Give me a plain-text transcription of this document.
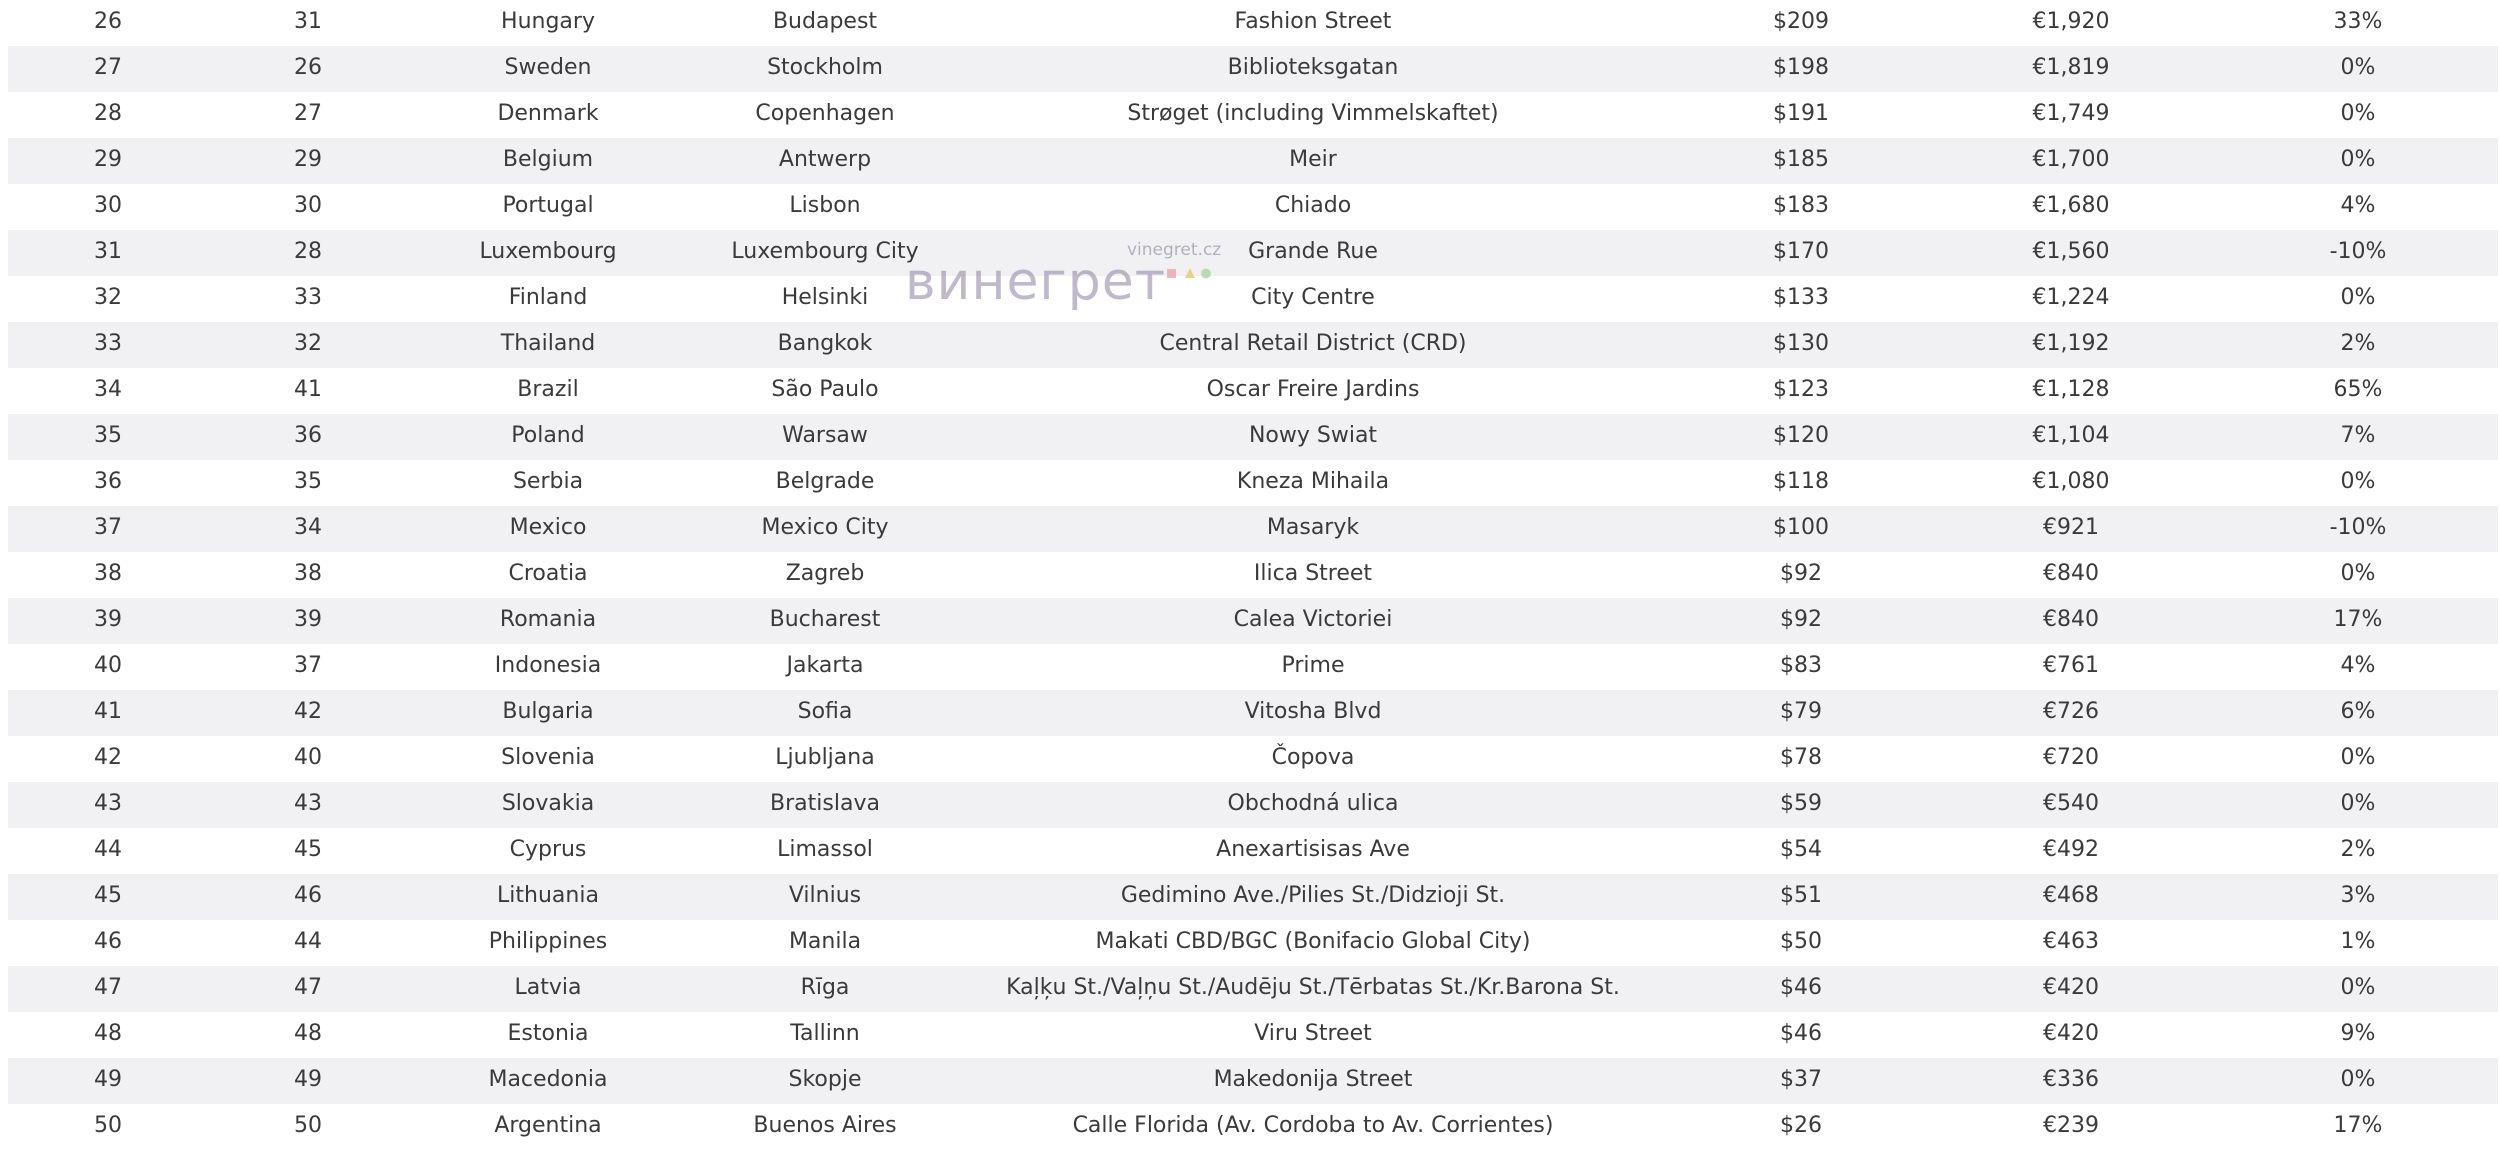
26	31	Hungary	Budapest	Fashion Street	$209	€1,920	33%
27	26	Sweden	Stockholm	Biblioteksgatan	$198	€1,819	0%
28	27	Denmark	Copenhagen	Strøget (including Vimmelskaftet)	$191	€1,749	0%
29	29	Belgium	Antwerp	Meir	$185	€1,700	0%
30	30	Portugal	Lisbon	Chiado	$183	€1,680	4%
31	28	Luxembourg	Luxembourg City	Grande Rue	$170	€1,560	-10%
32	33	Finland	Helsinki	City Centre	$133	€1,224	0%
33	32	Thailand	Bangkok	Central Retail District (CRD)	$130	€1,192	2%
34	41	Brazil	São Paulo	Oscar Freire Jardins	$123	€1,128	65%
35	36	Poland	Warsaw	Nowy Swiat	$120	€1,104	7%
36	35	Serbia	Belgrade	Kneza Mihaila	$118	€1,080	0%
37	34	Mexico	Mexico City	Masaryk	$100	€921	-10%
38	38	Croatia	Zagreb	Ilica Street	$92	€840	0%
39	39	Romania	Bucharest	Calea Victoriei	$92	€840	17%
40	37	Indonesia	Jakarta	Prime	$83	€761	4%
41	42	Bulgaria	Sofia	Vitosha Blvd	$79	€726	6%
42	40	Slovenia	Ljubljana	Čopova	$78	€720	0%
43	43	Slovakia	Bratislava	Obchodná ulica	$59	€540	0%
44	45	Cyprus	Limassol	Anexartisisas Ave	$54	€492	2%
45	46	Lithuania	Vilnius	Gedimino Ave./Pilies St./Didzioji St.	$51	€468	3%
46	44	Philippines	Manila	Makati CBD/BGC (Bonifacio Global City)	$50	€463	1%
47	47	Latvia	Rīga	Kaļķu St./Vaļņu St./Audēju St./Tērbatas St./Kr.Barona St.	$46	€420	0%
48	48	Estonia	Tallinn	Viru Street	$46	€420	9%
49	49	Macedonia	Skopje	Makedonija Street	$37	€336	0%
50	50	Argentina	Buenos Aires	Calle Florida (Av. Cordoba to Av. Corrientes)	$26	€239	17%
vinegret.cz
винегрет
